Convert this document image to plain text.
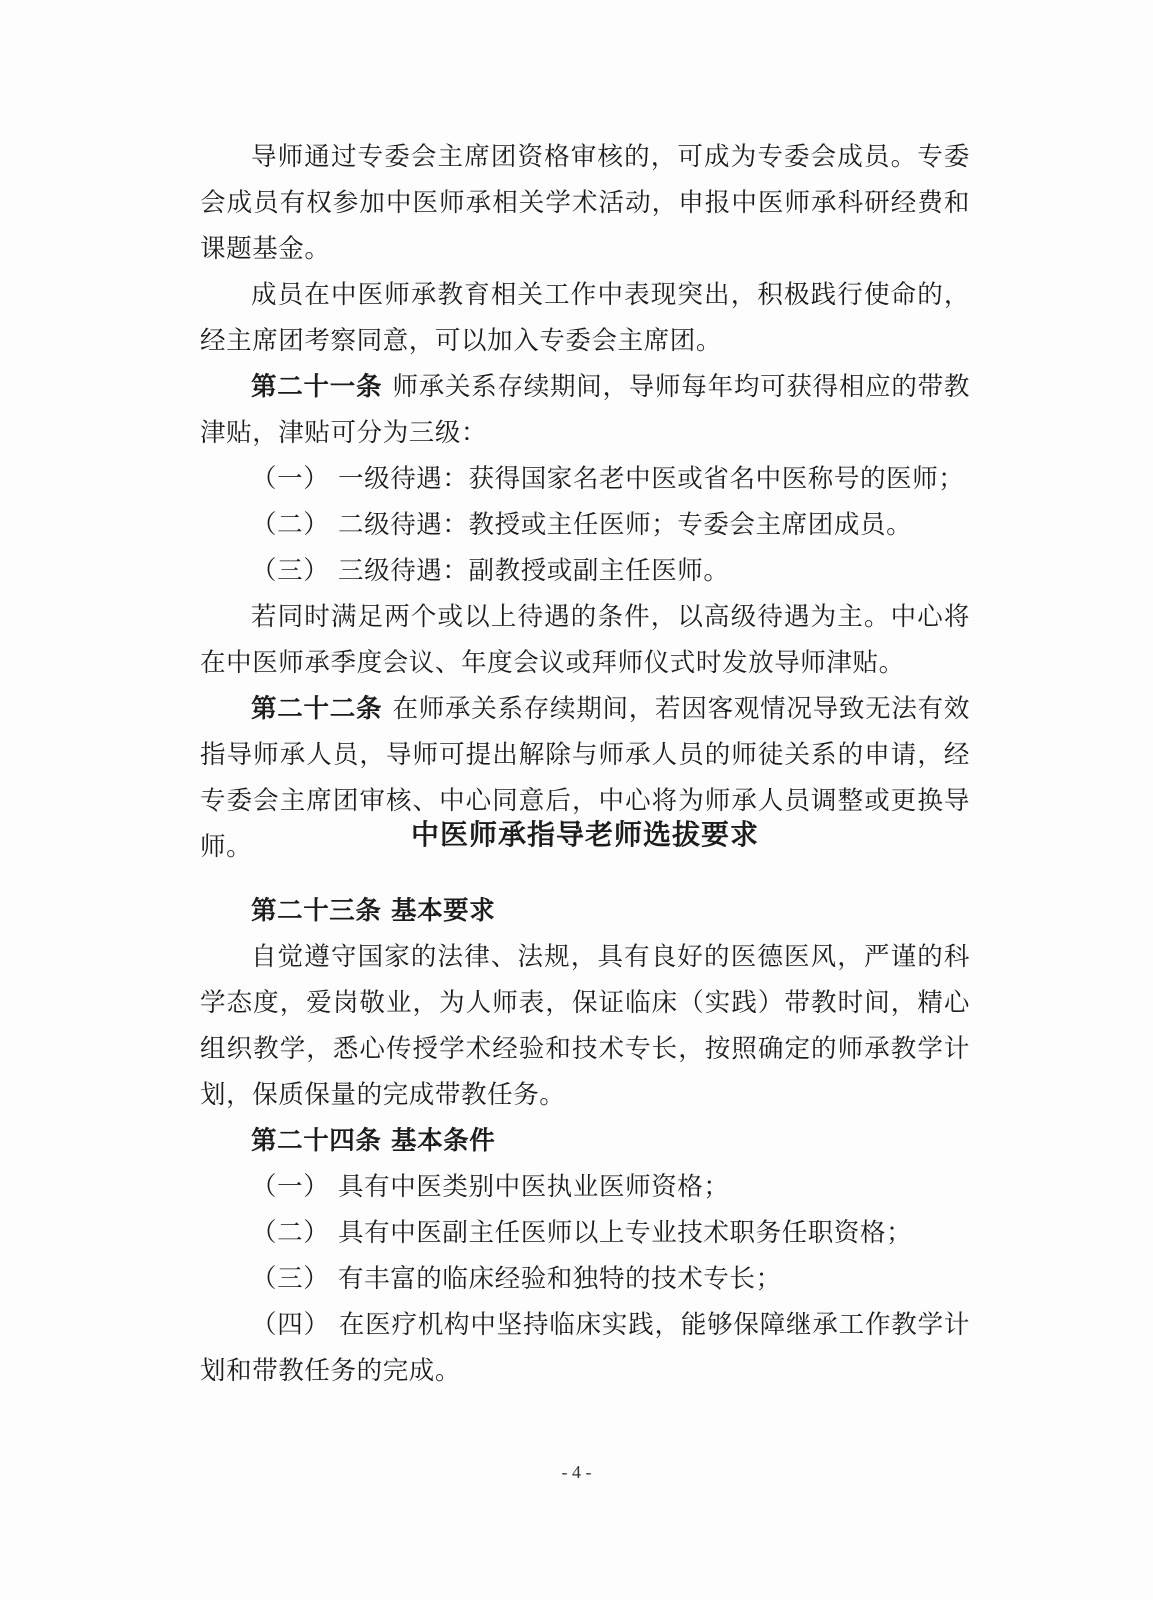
导师通过专委会主席团资格审核的，可成为专委会成员。专委会成员有权参加中医师承相关学术活动，申报中医师承科研经费和课题基金。

成员在中医师承教育相关工作中表现突出，积极践行使命的，经主席团考察同意，可以加入专委会主席团。

第二十一条 师承关系存续期间，导师每年均可获得相应的带教津贴，津贴可分为三级：

（一） 一级待遇：获得国家名老中医或省名中医称号的医师；

（二） 二级待遇：教授或主任医师；专委会主席团成员。

（三） 三级待遇：副教授或副主任医师。

若同时满足两个或以上待遇的条件，以高级待遇为主。中心将在中医师承季度会议、年度会议或拜师仪式时发放导师津贴。

第二十二条 在师承关系存续期间，若因客观情况导致无法有效指导师承人员，导师可提出解除与师承人员的师徒关系的申请，经专委会主席团审核、中心同意后，中心将为师承人员调整或更换导师。	中医师承指导老师选拔要求

第二十三条 基本要求

自觉遵守国家的法律、法规，具有良好的医德医风，严谨的科学态度，爱岗敬业，为人师表，保证临床（实践）带教时间，精心组织教学，悉心传授学术经验和技术专长，按照确定的师承教学计划，保质保量的完成带教任务。

第二十四条 基本条件

（一） 具有中医类别中医执业医师资格；

（二） 具有中医副主任医师以上专业技术职务任职资格；

（三） 有丰富的临床经验和独特的技术专长；

（四） 在医疗机构中坚持临床实践，能够保障继承工作教学计划和带教任务的完成。

- 4 -
